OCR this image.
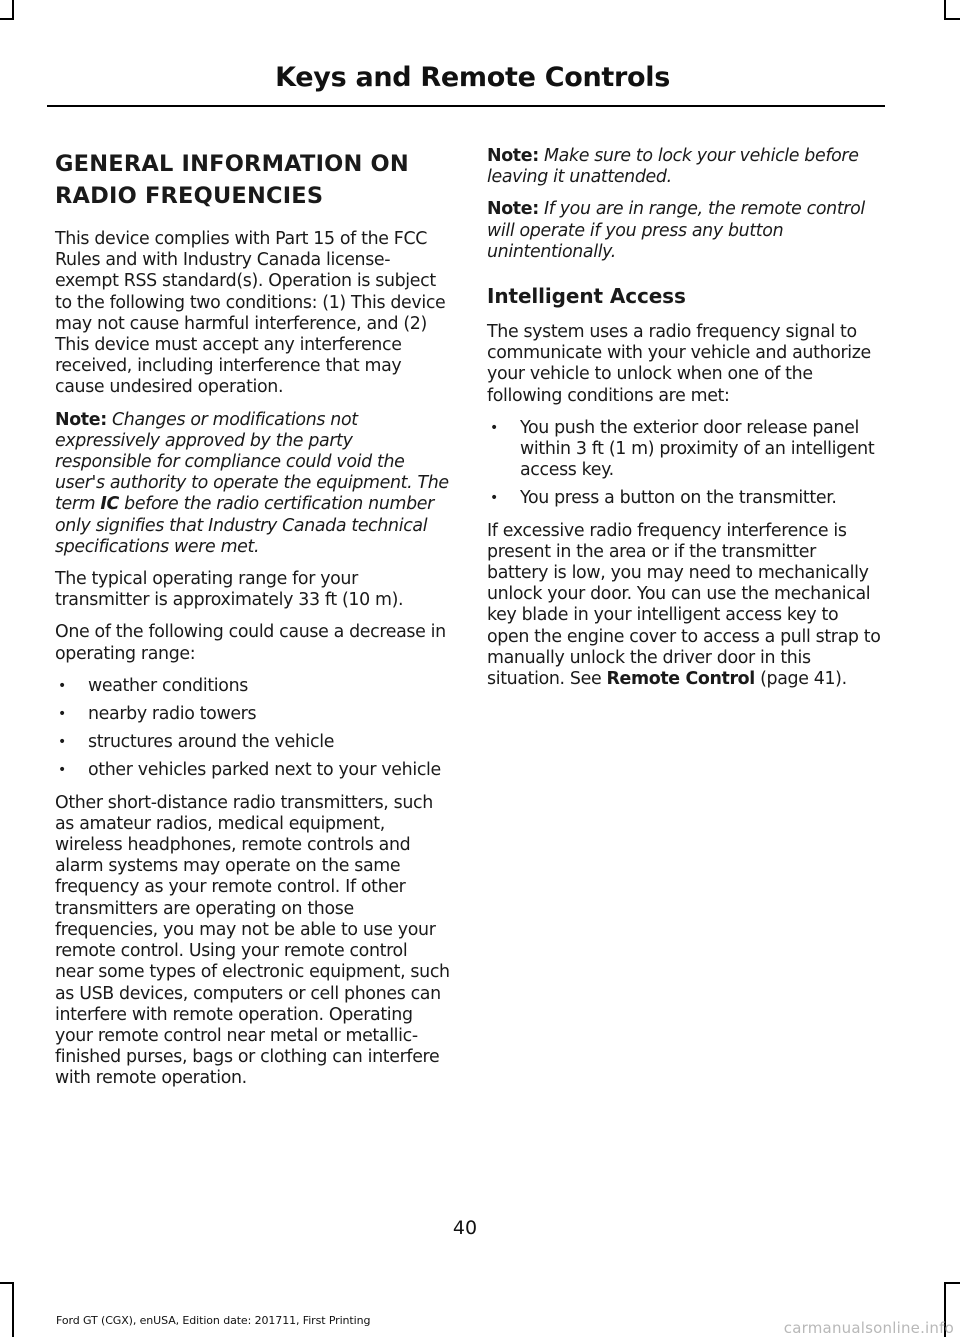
Keys and Remote Controls
GENERAL INFORMATION ON RADIO FREQUENCIES

This device complies with Part 15 of the FCC Rules and with Industry Canada license-exempt RSS standard(s). Operation is subject to the following two conditions: (1) This device may not cause harmful interference, and (2) This device must accept any interference received, including interference that may cause undesired operation.

Note: Changes or modifications not expressively approved by the party responsible for compliance could void the user's authority to operate the equipment. The term IC before the radio certification number only signifies that Industry Canada technical specifications were met.

The typical operating range for your transmitter is approximately 33 ft (10 m).

One of the following could cause a decrease in operating range:

• weather conditions
• nearby radio towers
• structures around the vehicle
• other vehicles parked next to your vehicle

Other short-distance radio transmitters, such as amateur radios, medical equipment, wireless headphones, remote controls and alarm systems may operate on the same frequency as your remote control. If other transmitters are operating on those frequencies, you may not be able to use your remote control. Using your remote control near some types of electronic equipment, such as USB devices, computers or cell phones can interfere with remote operation. Operating your remote control near metal or metallic-finished purses, bags or clothing can interfere with remote operation.

Note: Make sure to lock your vehicle before leaving it unattended.

Note: If you are in range, the remote control will operate if you press any button unintentionally.

Intelligent Access

The system uses a radio frequency signal to communicate with your vehicle and authorize your vehicle to unlock when one of the following conditions are met:

• You push the exterior door release panel within 3 ft (1 m) proximity of an intelligent access key.
• You press a button on the transmitter.

If excessive radio frequency interference is present in the area or if the transmitter battery is low, you may need to mechanically unlock your door. You can use the mechanical key blade in your intelligent access key to open the engine cover to access a pull strap to manually unlock the driver door in this situation. See Remote Control (page 41).

40
Ford GT (CGX), enUSA, Edition date: 201711, First Printing	carmanualsonline.info
